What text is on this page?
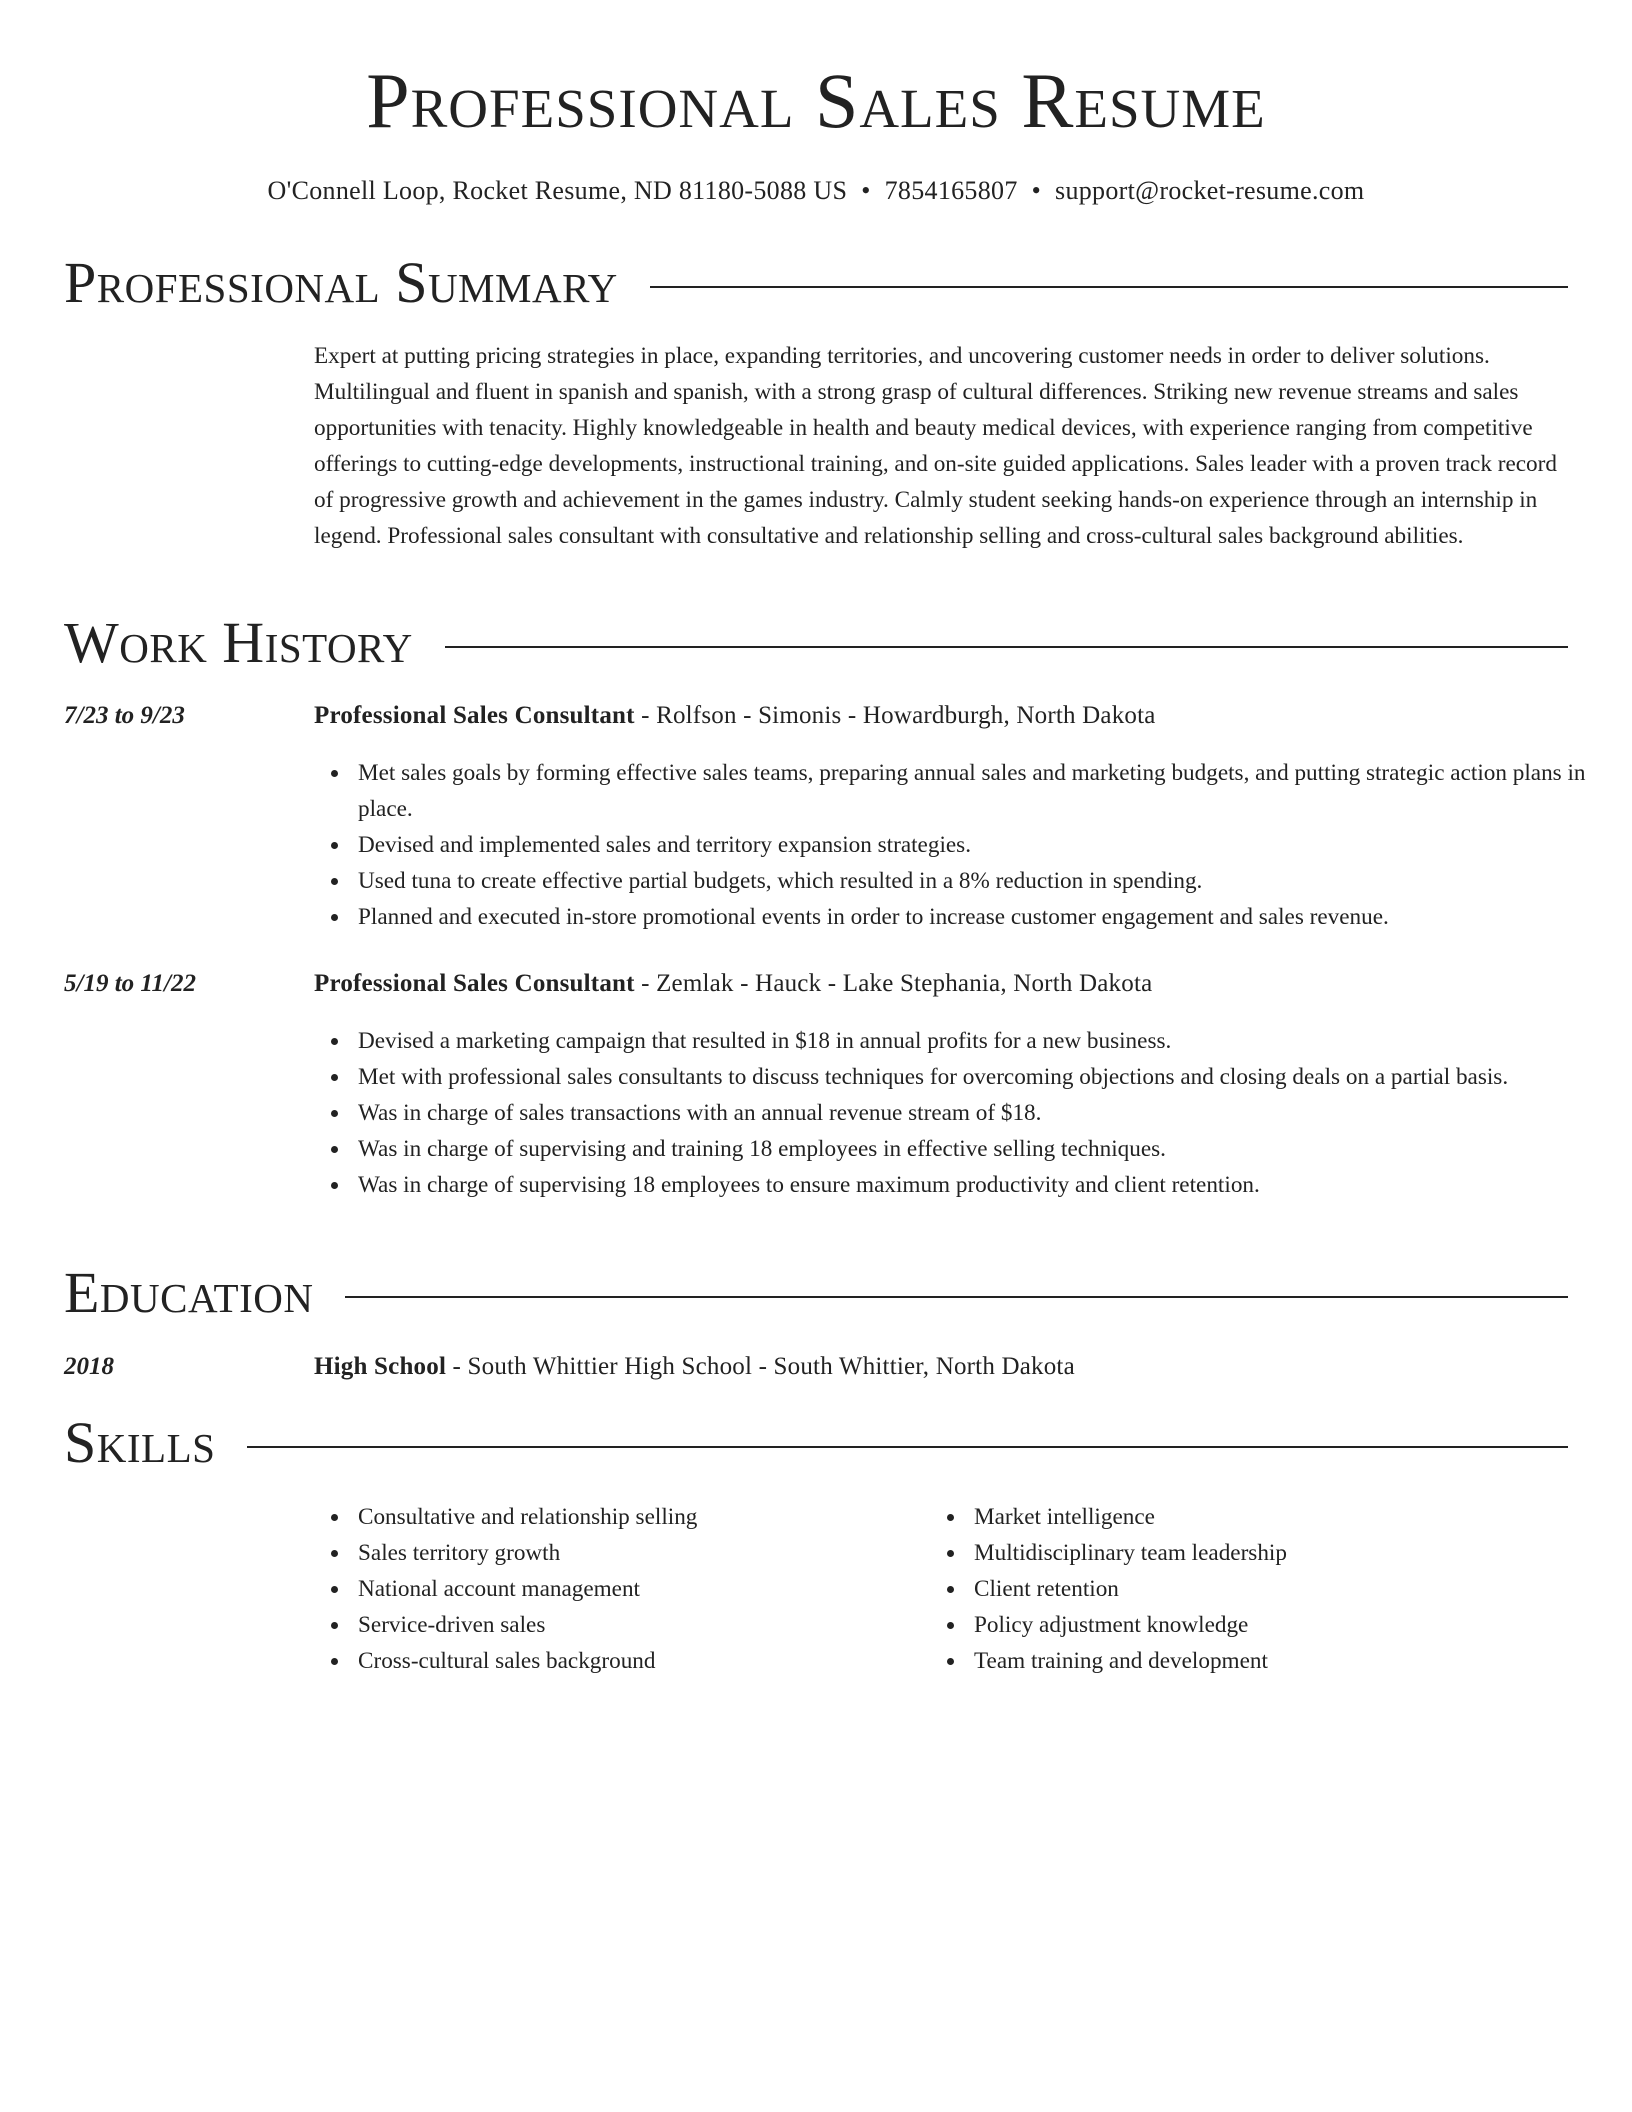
Professional Sales Resume
O'Connell Loop, Rocket Resume, ND 81180-5088 US • 7854165807 • support@rocket-resume.com
Professional Summary

Expert at putting pricing strategies in place, expanding territories, and uncovering customer needs in order to deliver solutions. Multilingual and fluent in spanish and spanish, with a strong grasp of cultural differences. Striking new revenue streams and sales opportunities with tenacity. Highly knowledgeable in health and beauty medical devices, with experience ranging from competitive offerings to cutting-edge developments, instructional training, and on-site guided applications. Sales leader with a proven track record of progressive growth and achievement in the games industry. Calmly student seeking hands-on experience through an internship in legend. Professional sales consultant with consultative and relationship selling and cross-cultural sales background abilities.

Work History
7/23 to 9/23	Professional Sales Consultant - Rolfson - Simonis - Howardburgh, North Dakota
Met sales goals by forming effective sales teams, preparing annual sales and marketing budgets, and putting strategic action plans in place.
Devised and implemented sales and territory expansion strategies.
Used tuna to create effective partial budgets, which resulted in a 8% reduction in spending.
Planned and executed in-store promotional events in order to increase customer engagement and sales revenue.
5/19 to 11/22	Professional Sales Consultant - Zemlak - Hauck - Lake Stephania, North Dakota
Devised a marketing campaign that resulted in $18 in annual profits for a new business.
Met with professional sales consultants to discuss techniques for overcoming objections and closing deals on a partial basis.
Was in charge of sales transactions with an annual revenue stream of $18.
Was in charge of supervising and training 18 employees in effective selling techniques.
Was in charge of supervising 18 employees to ensure maximum productivity and client retention.
Education
2018	High School - South Whittier High School - South Whittier, North Dakota
Skills
Consultative and relationship selling
Sales territory growth
National account management
Service-driven sales
Cross-cultural sales background
Market intelligence
Multidisciplinary team leadership
Client retention
Policy adjustment knowledge
Team training and development
